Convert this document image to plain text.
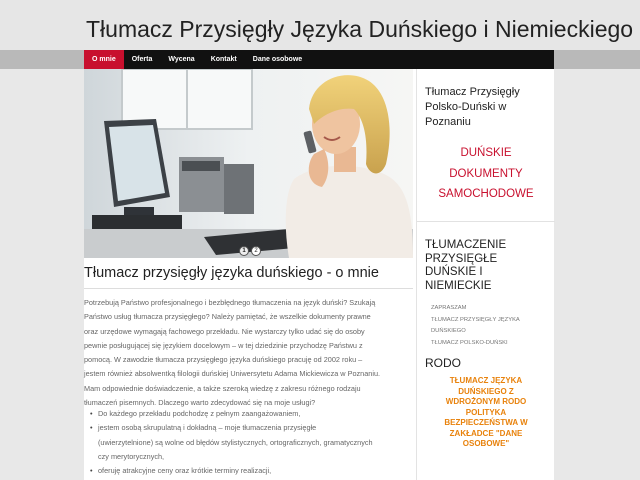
Tłumacz Przysięgły Języka Duńskiego i Niemieckiego
O mnie	Oferta	Wycena	Kontakt	Dane osobowe
1	2
Tłumacz przysięgły języka duńskiego - o mnie
Potrzebują Państwo profesjonalnego i bezbłędnego tłumaczenia na język duński? Szukają
Państwo usług tłumacza przysięgłego? Należy pamiętać, że wszelkie dokumenty prawne
oraz urzędowe wymagają fachowego przekładu. Nie wystarczy tylko udać się do osoby
pewnie posługującej się językiem docelowym – w tej dziedzinie przychodzę Państwu z
pomocą. W zawodzie tłumacza przysięgłego języka duńskiego pracuję od 2002 roku –
jestem również absolwentką filologii duńskiej Uniwersytetu Adama Mickiewicza w Poznaniu.
Mam odpowiednie doświadczenie, a także szeroką wiedzę z zakresu różnego rodzaju
tłumaczeń pisemnych. Dlaczego warto zdecydować się na moje usługi?
• Do każdego przekładu podchodzę z pełnym zaangażowaniem,
• jestem osobą skrupulatną i dokładną – moje tłumaczenia przysięgłe
(uwierzytelnione) są wolne od błędów stylistycznych, ortograficznych, gramatycznych
czy merytorycznych,
• oferuję atrakcyjne ceny oraz krótkie terminy realizacji,
Tłumacz Przysięgły
Polsko-Duński w
Poznaniu
DUŃSKIE
DOKUMENTY
SAMOCHODOWE
TŁUMACZENIE
PRZYSIĘGŁE
DUŃSKIE I
NIEMIECKIE
ZAPRASZAM
TŁUMACZ PRZYSIĘGŁY JĘZYKA
DUŃSKIEGO
TŁUMACZ POLSKO-DUŃSKI
RODO
TŁUMACZ JĘZYKA
DUŃSKIEGO Z
WDROŻONYM RODO
POLITYKA
BEZPIECZEŃSTWA W
ZAKŁADCE "DANE
OSOBOWE"
